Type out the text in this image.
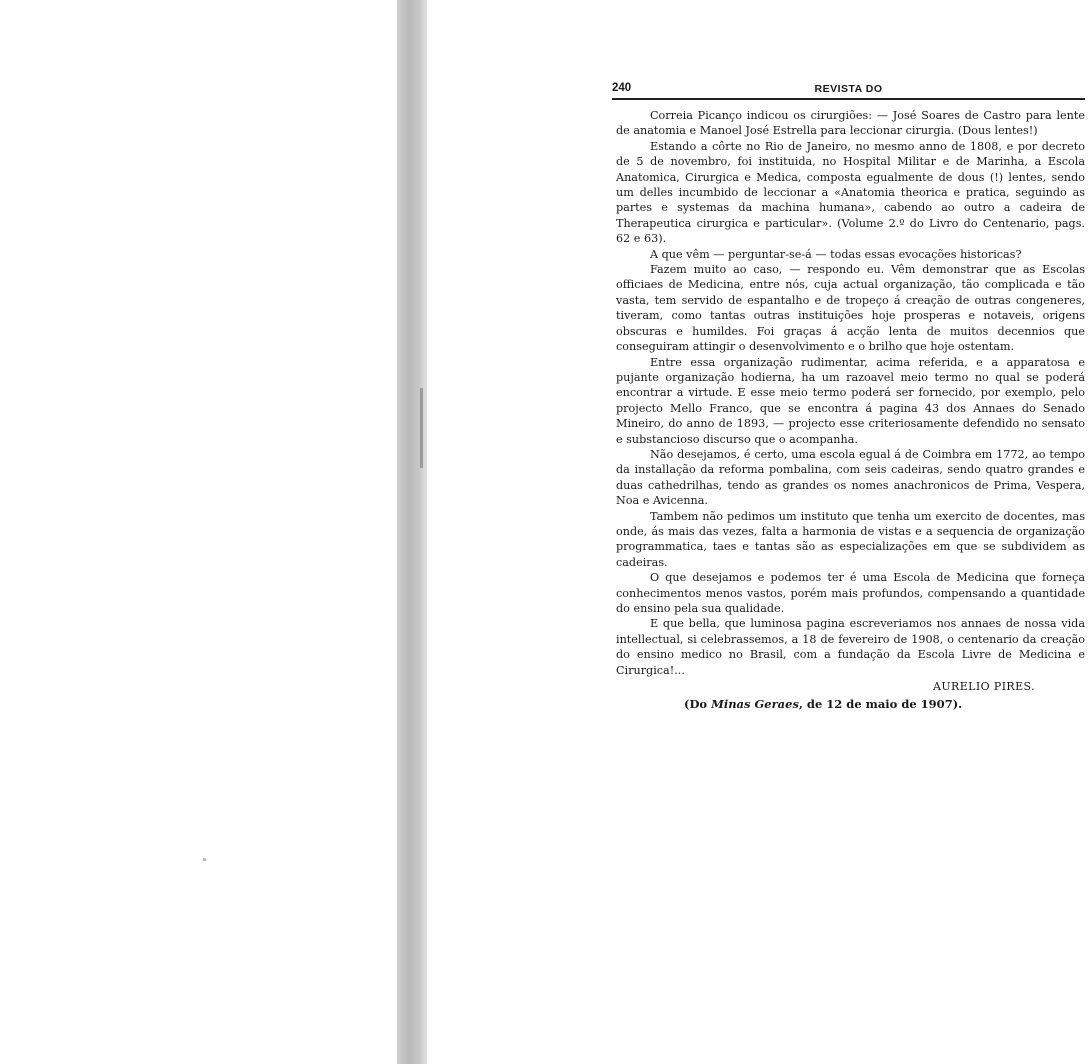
240	REVISTA DO

Correia Picanço indicou os cirurgiões: — José Soares de Castro para lente de anatomia e Manoel José Estrella para leccionar cirurgia. (Dous lentes!)

Estando a côrte no Rio de Janeiro, no mesmo anno de 1808, e por decreto de 5 de novembro, foi instituida, no Hospital Militar e de Marinha, a Escola Anatomica, Cirurgica e Medica, composta egualmente de dous (!) lentes, sendo um delles incumbido de leccionar a «Anatomia theorica e pratica, seguindo as partes e systemas da machina humana», cabendo ao outro a cadeira de Therapeutica cirurgica e particular». (Volume 2.º do Livro do Centenario, pags. 62 e 63).

A que vêm — perguntar-se-á — todas essas evocações historicas?

Fazem muito ao caso, — respondo eu. Vêm demonstrar que as Escolas officiaes de Medicina, entre nós, cuja actual organização, tão complicada e tão vasta, tem servido de espantalho e de tropeço á creação de outras congeneres, tiveram, como tantas outras instituições hoje prosperas e notaveis, origens obscuras e humildes. Foi graças á acção lenta de muitos decennios que conseguiram attingir o desenvolvimento e o brilho que hoje ostentam.

Entre essa organização rudimentar, acima referida, e a apparatosa e pujante organização hodierna, ha um razoavel meio termo no qual se poderá encontrar a virtude. E esse meio termo poderá ser fornecido, por exemplo, pelo projecto Mello Franco, que se encontra á pagina 43 dos Annaes do Senado Mineiro, do anno de 1893, — projecto esse criteriosamente defendido no sensato e substancioso discurso que o acompanha.

Não desejamos, é certo, uma escola egual á de Coimbra em 1772, ao tempo da installação da reforma pombalina, com seis cadeiras, sendo quatro grandes e duas cathedrilhas, tendo as grandes os nomes anachronicos de Prima, Vespera, Noa e Avicenna.

Tambem não pedimos um instituto que tenha um exercito de docentes, mas onde, ás mais das vezes, falta a harmonia de vistas e a sequencia de organização programmatica, taes e tantas são as especializações em que se subdividem as cadeiras.

O que desejamos e podemos ter é uma Escola de Medicina que forneça conhecimentos menos vastos, porém mais profundos, compensando a quantidade do ensino pela sua qualidade.

E que bella, que luminosa pagina escreveriamos nos annaes de nossa vida intellectual, si celebrassemos, a 18 de fevereiro de 1908, o centenario da creação do ensino medico no Brasil, com a fundação da Escola Livre de Medicina e Cirurgica!...

AURELIO PIRES.

(Do Minas Geraes, de 12 de maio de 1907).
